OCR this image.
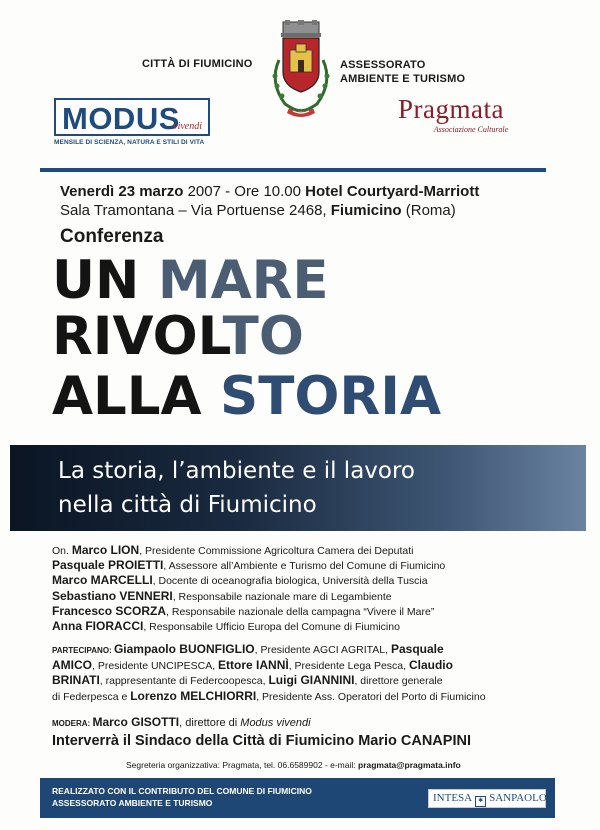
CITTÀ DI FIUMICINO	ASSESSORATO
AMBIENTE E TURISMO
MODUS
vivendi
MENSILE DI SCIENZA, NATURA E STILI DI VITA
Pragmata
Associazione Culturale
Venerdì 23 marzo 2007 - Ore 10.00 Hotel Courtyard-Marriott
Sala Tramontana – Via Portuense 2468, Fiumicino (Roma)
Conferenza
UN MARE
RIVOLTO
ALLA STORIA
La storia, l’ambiente e il lavoro
nella città di Fiumicino
On. Marco LION, Presidente Commissione Agricoltura Camera dei Deputati
Pasquale PROIETTI, Assessore all’Ambiente e Turismo del Comune di Fiumicino
Marco MARCELLI, Docente di oceanografia biologica, Università della Tuscia
Sebastiano VENNERI, Responsabile nazionale mare di Legambiente
Francesco SCORZA, Responsabile nazionale della campagna “Vivere il Mare”
Anna FIORACCI, Responsabile Ufficio Europa del Comune di Fiumicino
PARTECIPANO: Giampaolo BUONFIGLIO, Presidente AGCI AGRITAL, Pasquale
AMICO, Presidente UNCIPESCA, Ettore IANNÌ, Presidente Lega Pesca, Claudio
BRINATI, rappresentante di Federcoopesca, Luigi GIANNINI, direttore generale
di Federpesca e Lorenzo MELCHIORRI, Presidente Ass. Operatori del Porto di Fiumicino
MODERA: Marco GISOTTI, direttore di Modus vivendi
Interverrà il Sindaco della Città di Fiumicino Mario CANAPINI
Segreteria organizzativa: Pragmata, tel. 06.6589902 - e-mail: pragmata@pragmata.info
REALIZZATO CON IL CONTRIBUTO DEL COMUNE DI FIUMICINO
ASSESSORATO AMBIENTE E TURISMO	INTESA ✱ SANPAOLO
